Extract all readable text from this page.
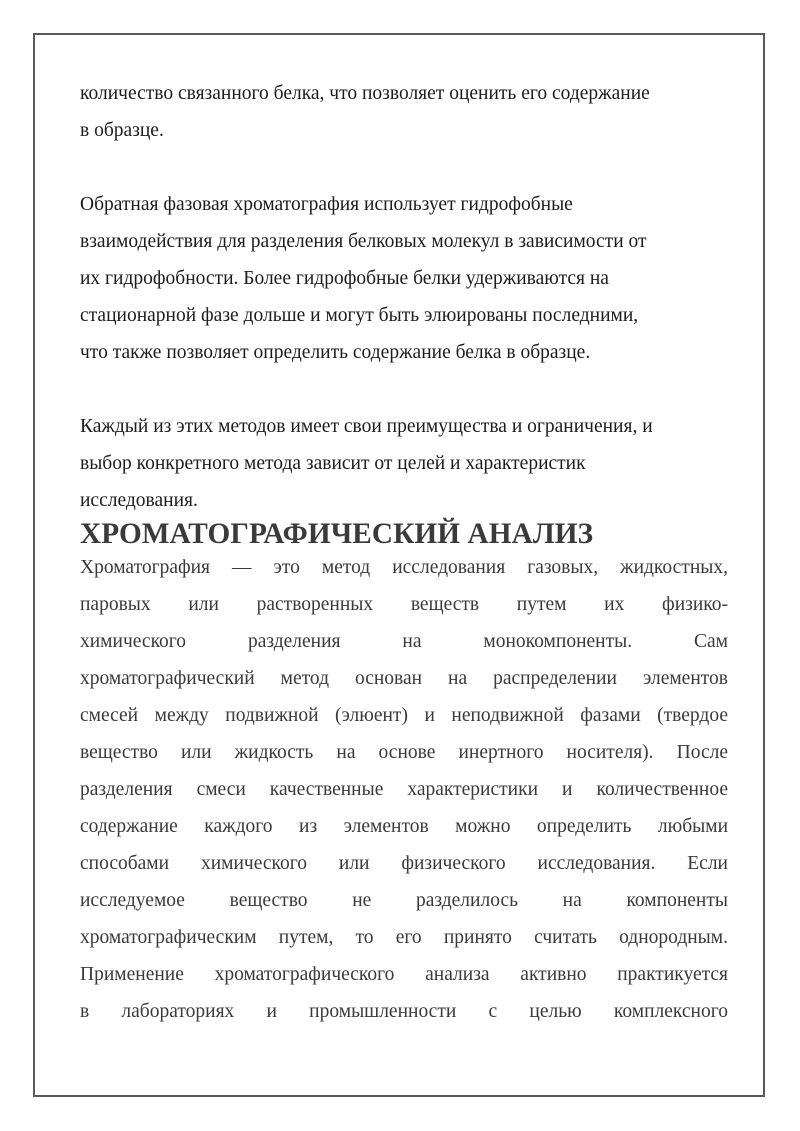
количество связанного белка, что позволяет оценить его содержание
в образце.

Обратная фазовая хроматография использует гидрофобные
взаимодействия для разделения белковых молекул в зависимости от
их гидрофобности. Более гидрофобные белки удерживаются на
стационарной фазе дольше и могут быть элюированы последними,
что также позволяет определить содержание белка в образце.

Каждый из этих методов имеет свои преимущества и ограничения, и
выбор конкретного метода зависит от целей и характеристик
исследования.

ХРОМАТОГРАФИЧЕСКИЙ АНАЛИЗ
Хроматография — это метод исследования газовых, жидкостных,
паровых или растворенных веществ путем их физико-
химического разделения на монокомпоненты. Сам
хроматографический метод основан на распределении элементов
смесей между подвижной (элюент) и неподвижной фазами (твердое
вещество или жидкость на основе инертного носителя). После
разделения смеси качественные характеристики и количественное
содержание каждого из элементов можно определить любыми
способами химического или физического исследования. Если
исследуемое вещество не разделилось на компоненты
хроматографическим путем, то его принято считать однородным.
Применение хроматографического анализа активно практикуется
в лабораториях и промышленности с целью комплексного
